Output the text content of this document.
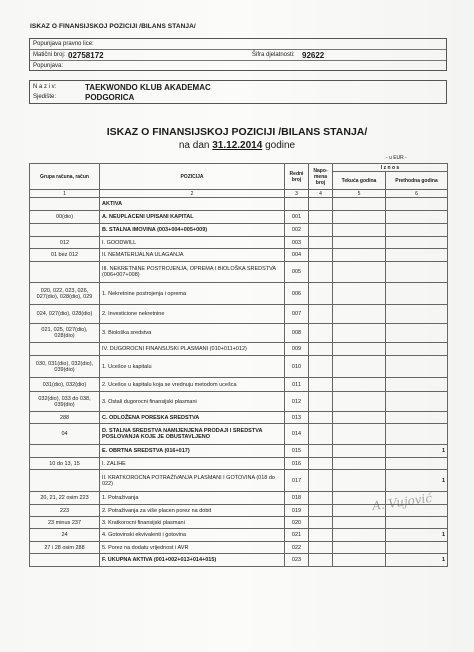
ISKAZ O FINANSIJSKOJ POZICIJI /BILANS STANJA/
Popunjava pravno lice:
Matični broj: 02758172	Šifra djelatnosti: 92622
Popunjava:
N a z i v:	TAEKWONDO KLUB AKADEMAC
Sjedište:	PODGORICA
ISKAZ O FINANSIJSKOJ POZICIJI /BILANS STANJA/
na dan 31.12.2014 godine
- u EUR -
Grupa računa, račun	POZICIJA	Redni broj	Napo-mena broj	I z n o s	
				Tekuća godina	Prethodna godina
1	2	3	4	5	6
	AKTIVA				
00(dio)	A. NEUPLACENI UPISANI KAPITAL	001			
	B. STALNA IMOVINA (003+004+005+009)	002			
012	I. GOODWILL	003			
01 bez 012	II. NEMATERIJALNA ULAGANJA	004			
	III. NEKRETNINE POSTROJENJA, OPREMA I BIOLOŠKA SREDSTVA (006+007+008)	005			
020, 022, 023, 026, 027(dio), 028(dio), 029	1. Nekretnine postrojenja i oprema	006			
024, 027(dio), 028(dio)	2. Investicione nekretnine	007			
021, 025, 027(dio), 028(dio)	3. Biološka sredstva	008			
	IV. DUGOROCNI FINANSIJSKI PLASMANI (010+011+012)	009			
030, 031(dio), 032(dio), 039(dio)	1. Ucešce u kapitalu	010			
031(dio), 032(dio)	2. Ucešce u kapitalu koja se vrednuju metodom ucešca	011			
032(dio), 033 do 038, 039(dio)	3. Ostali dugorocni finansijski plasmani	012			
288	C. ODLOŽENA PORESKA SREDSTVA	013			
04	D. STALNA SREDSTVA NAMIJENJENA PRODAJI I SREDSTVA POSLOVANJA KOJE JE OBUSTAVLJENO	014			
	E. OBRTNA SREDSTVA (016+017)	015			1
10 do 13, 15	I. ZALIHE	016			
	II. KRATKOROCNA POTRAŽIVANJA PLASMANI I GOTOVINA (018 do 022)	017			1
20, 21, 22 osim 223	1. Potraživanja	018			
223	2. Potraživanja za više placen porez na dobit	019			
23 minus 237	3. Kratkorocni finansijski plasmani	020			
24	4. Gotovinski ekvivalenti i gotovina	021			1
27 i 28 osim 288	5. Porez na dodatu vrijednost i AVR	022			
	F. UKUPNA AKTIVA (001+002+013+014+015)	023			1
A. Vujović
